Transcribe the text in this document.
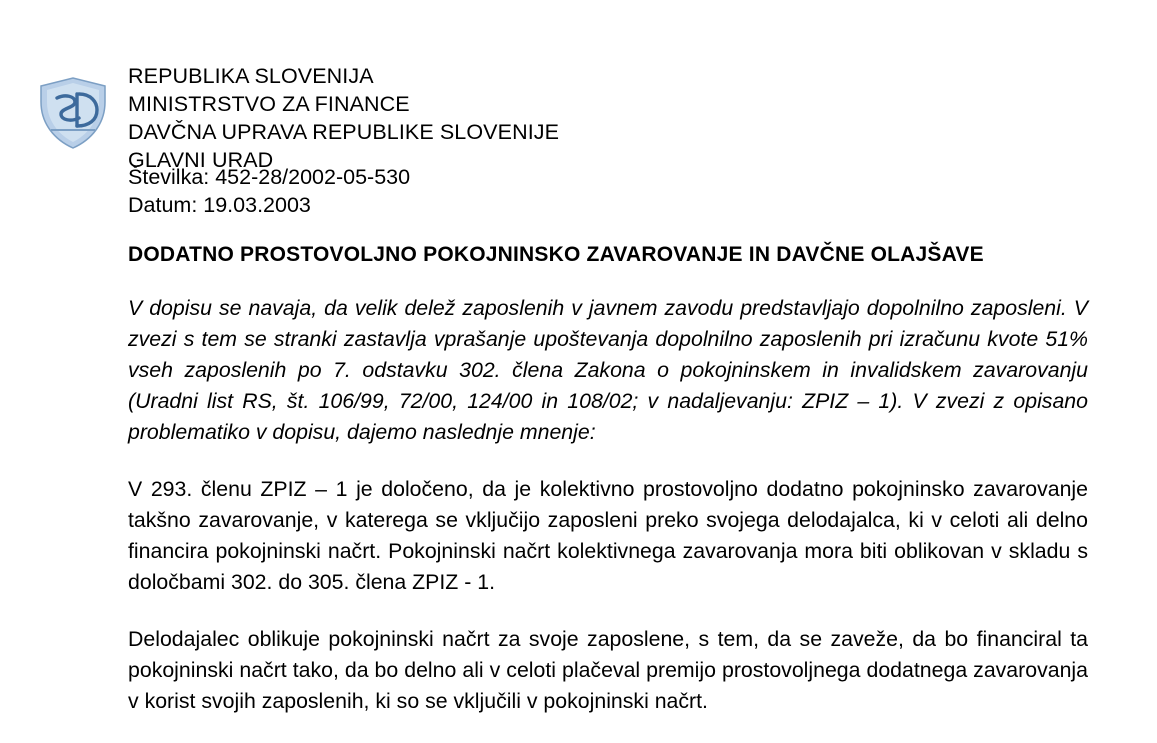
REPUBLIKA SLOVENIJA
MINISTRSTVO ZA FINANCE
DAVČNA UPRAVA REPUBLIKE SLOVENIJE
GLAVNI URAD
Številka: 452-28/2002-05-530
Datum: 19.03.2003
DODATNO PROSTOVOLJNO POKOJNINSKO ZAVAROVANJE IN DAVČNE OLAJŠAVE

V dopisu se navaja, da velik delež zaposlenih v javnem zavodu predstavljajo dopolnilno zaposleni. V zvezi s tem se stranki zastavlja vprašanje upoštevanja dopolnilno zaposlenih pri izračunu kvote 51% vseh zaposlenih po 7. odstavku 302. člena Zakona o pokojninskem in invalidskem zavarovanju (Uradni list RS, št. 106/99, 72/00, 124/00 in 108/02; v nadaljevanju: ZPIZ – 1). V zvezi z opisano problematiko v dopisu, dajemo naslednje mnenje:

V 293. členu ZPIZ – 1 je določeno, da je kolektivno prostovoljno dodatno pokojninsko zavarovanje takšno zavarovanje, v katerega se vključijo zaposleni preko svojega delodajalca, ki v celoti ali delno financira pokojninski načrt. Pokojninski načrt kolektivnega zavarovanja mora biti oblikovan v skladu s določbami 302. do 305. člena ZPIZ - 1.

Delodajalec oblikuje pokojninski načrt za svoje zaposlene, s tem, da se zaveže, da bo financiral ta pokojninski načrt tako, da bo delno ali v celoti plačeval premijo prostovoljnega dodatnega zavarovanja v korist svojih zaposlenih, ki so se vključili v pokojninski načrt.
